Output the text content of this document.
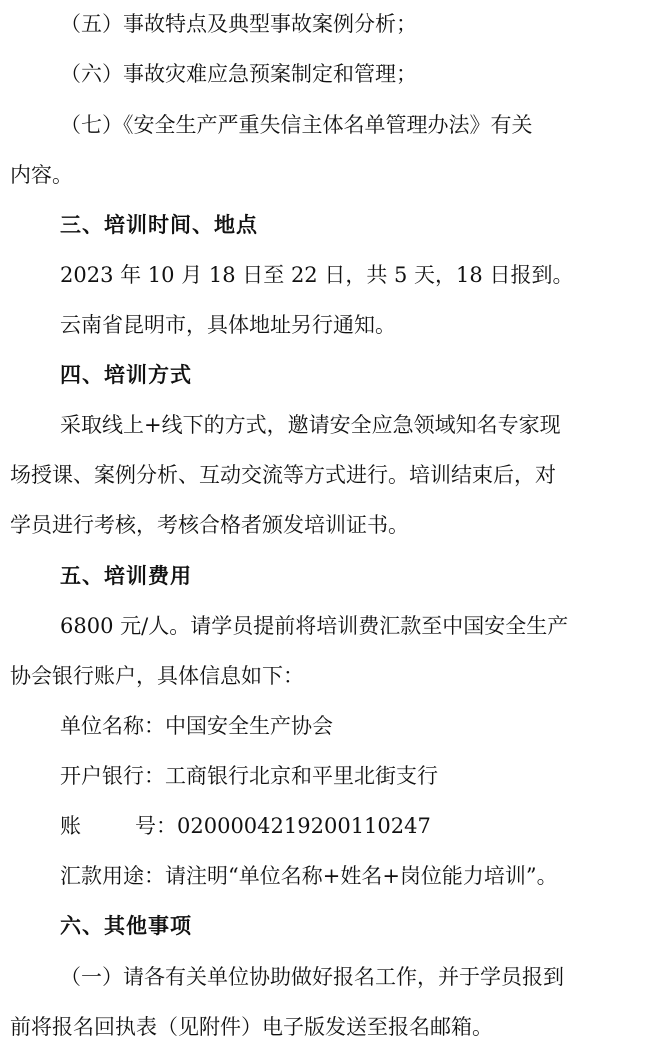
（五）事故特点及典型事故案例分析；
（六）事故灾难应急预案制定和管理；
（七）《安全生产严重失信主体名单管理办法》有关
内容。
三、培训时间、地点
2023 年 10 月 18 日至 22 日，共 5 天，18 日报到。
云南省昆明市，具体地址另行通知。
四、培训方式
采取线上+线下的方式，邀请安全应急领域知名专家现
场授课、案例分析、互动交流等方式进行。培训结束后，对
学员进行考核，考核合格者颁发培训证书。
五、培训费用
6800 元/人。请学员提前将培训费汇款至中国安全生产
协会银行账户，具体信息如下：
单位名称：中国安全生产协会
开户银行：工商银行北京和平里北街支行
账	号：0200004219200110247
汇款用途：请注明“单位名称+姓名+岗位能力培训”。
六、其他事项
（一）请各有关单位协助做好报名工作，并于学员报到
前将报名回执表（见附件）电子版发送至报名邮箱。
